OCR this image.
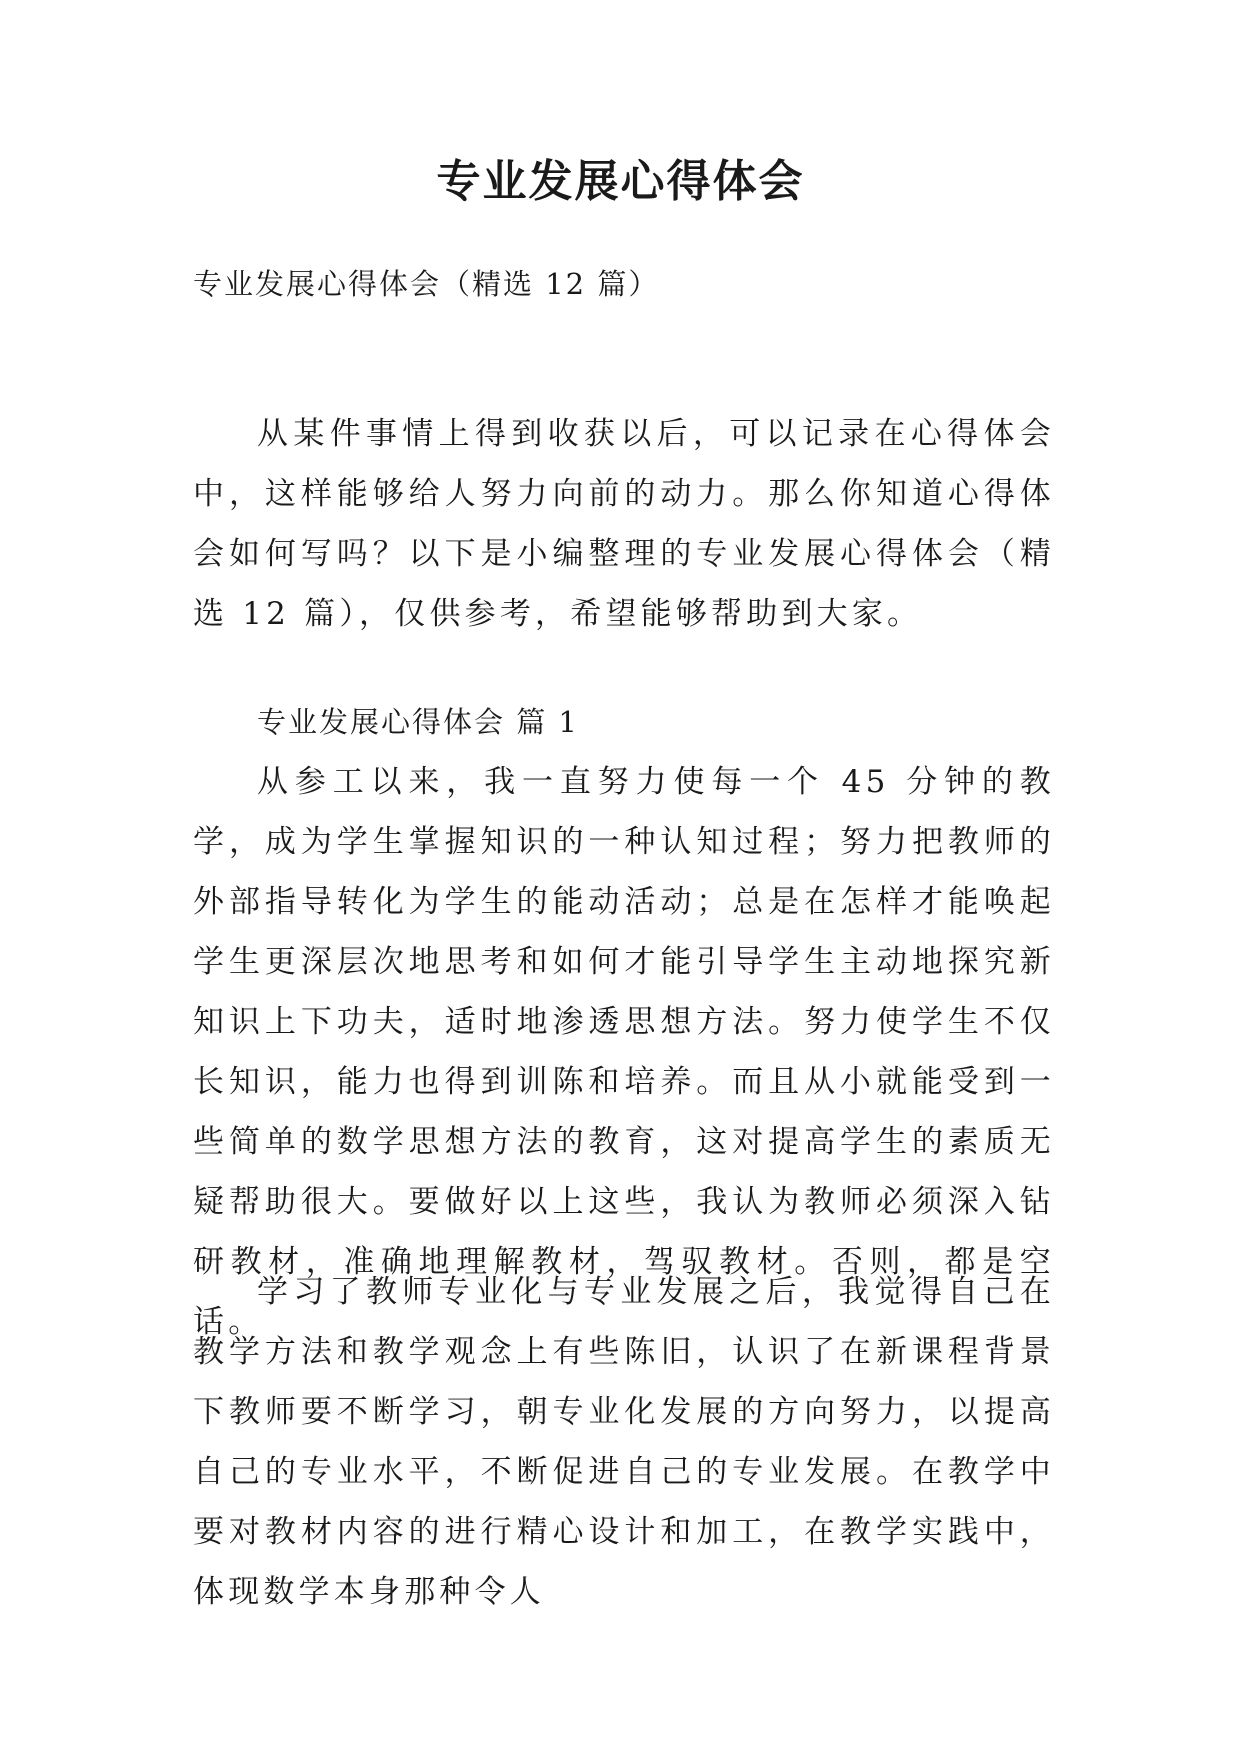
专业发展心得体会
专业发展心得体会（精选 12 篇）

从某件事情上得到收获以后，可以记录在心得体会中，这样能够给人努力向前的动力。那么你知道心得体会如何写吗？以下是小编整理的专业发展心得体会（精选 12 篇），仅供参考，希望能够帮助到大家。

专业发展心得体会 篇 1

从参工以来，我一直努力使每一个 45 分钟的教学，成为学生掌握知识的一种认知过程；努力把教师的外部指导转化为学生的能动活动；总是在怎样才能唤起学生更深层次地思考和如何才能引导学生主动地探究新知识上下功夫，适时地渗透思想方法。努力使学生不仅长知识，能力也得到训陈和培养。而且从小就能受到一些简单的数学思想方法的教育，这对提高学生的素质无疑帮助很大。要做好以上这些，我认为教师必须深入钻研教材，准确地理解教材，驾驭教材。否则，都是空话。

学习了教师专业化与专业发展之后，我觉得自己在教学方法和教学观念上有些陈旧，认识了在新课程背景下教师要不断学习，朝专业化发展的方向努力，以提高自己的专业水平，不断促进自己的专业发展。在教学中要对教材内容的进行精心设计和加工，在教学实践中，体现数学本身那种令人
